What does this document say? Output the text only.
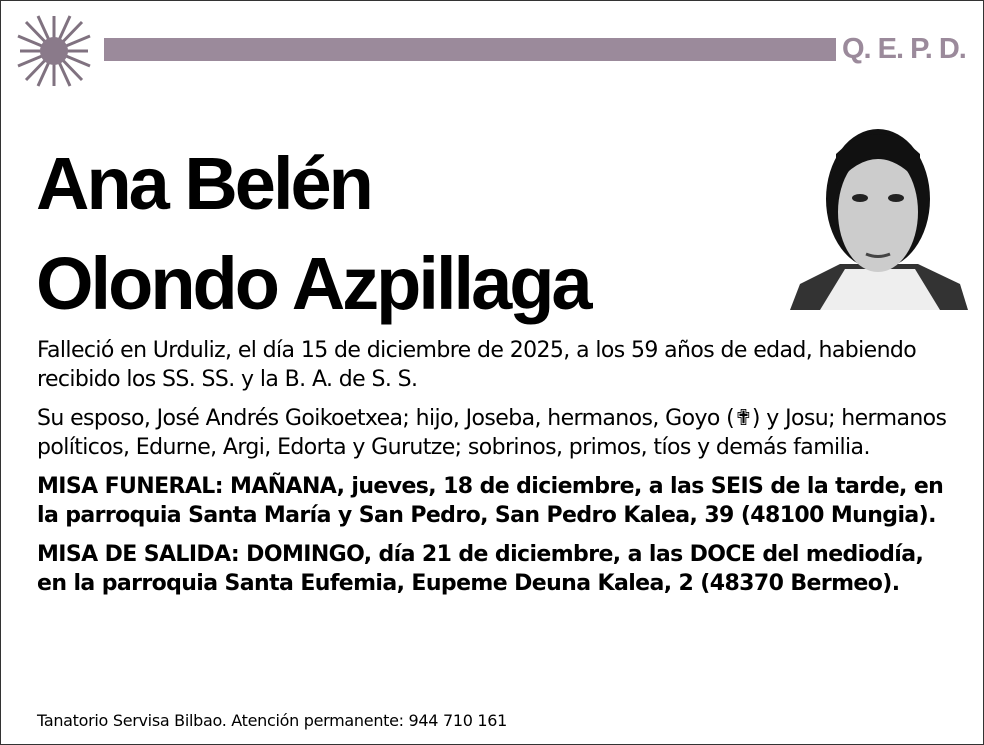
Q. E. P. D.
Ana Belén
Olondo Azpillaga

Falleció en Urduliz, el día 15 de diciembre de 2025, a los 59 años de edad, habiendo recibido los SS. SS. y la B. A. de S. S.

Su esposo, José Andrés Goikoetxea; hijo, Joseba, hermanos, Goyo (✟) y Josu; hermanos políticos, Edurne, Argi, Edorta y Gurutze; sobrinos, primos, tíos y demás familia.

MISA FUNERAL: MAÑANA, jueves, 18 de diciembre, a las SEIS de la tarde, en la parroquia Santa María y San Pedro, San Pedro Kalea, 39 (48100 Mungia).

MISA DE SALIDA: DOMINGO, día 21 de diciembre, a las DOCE del mediodía, en la parroquia Santa Eufemia, Eupeme Deuna Kalea, 2 (48370 Bermeo).

Tanatorio Servisa Bilbao. Atención permanente: 944 710 161
